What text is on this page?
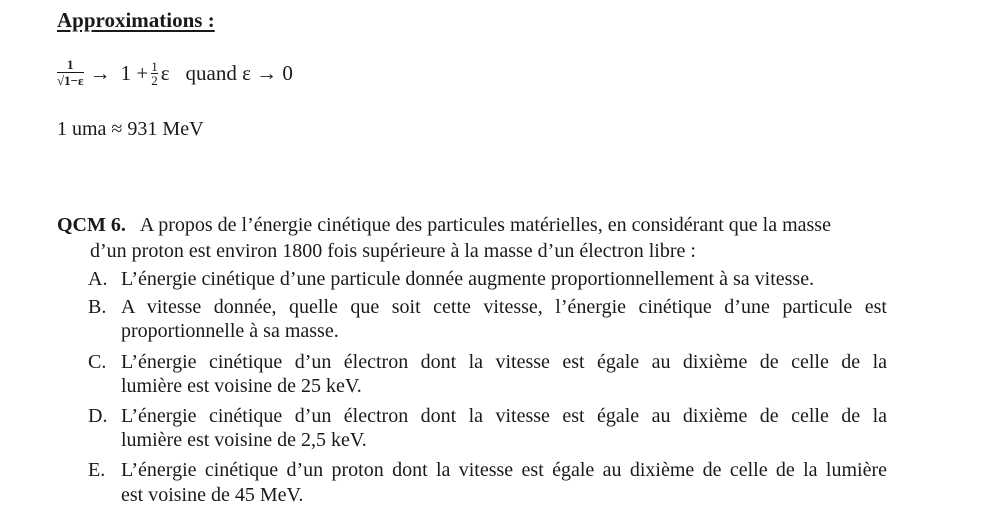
Approximations :
$\frac{1}{√1-\varepsilon} \to 1 + \frac{1}{2}$ ε quand ε → 0
1 uma ≈ 931 MeV
QCM 6. A propos de l’énergie cinétique des particules matérielles, en considérant que la masse
d’un proton est environ 1800 fois supérieure à la masse d’un électron libre :
A. L’énergie cinétique d’une particule donnée augmente proportionnellement à sa vitesse.
B. A vitesse donnée, quelle que soit cette vitesse, l’énergie cinétique d’une particule est
proportionnelle à sa masse.
C. L’énergie cinétique d’un électron dont la vitesse est égale au dixième de celle de la
lumière est voisine de 25 keV.
D. L’énergie cinétique d’un électron dont la vitesse est égale au dixième de celle de la
lumière est voisine de 2,5 keV.
E. L’énergie cinétique d’un proton dont la vitesse est égale au dixième de celle de la lumière
est voisine de 45 MeV.
